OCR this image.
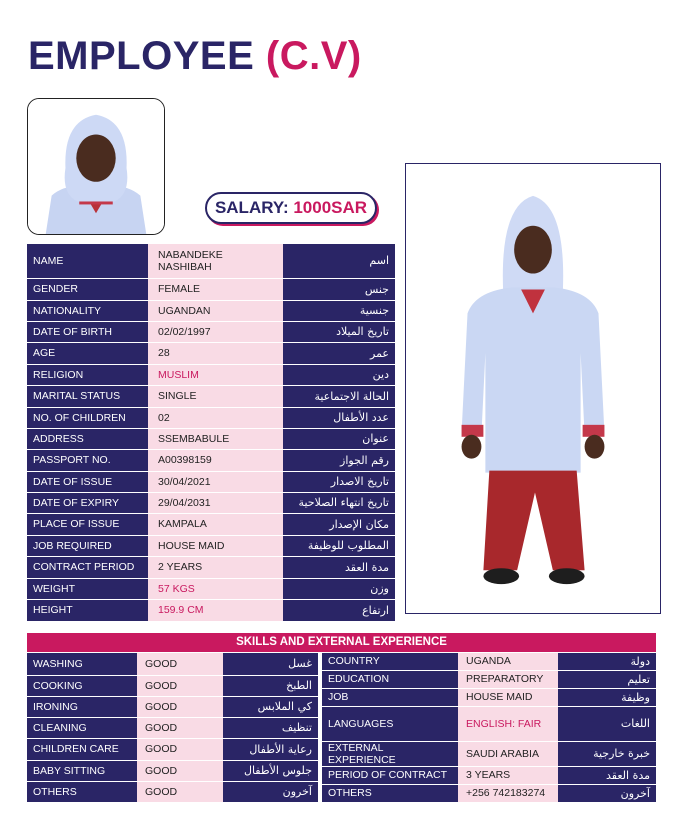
EMPLOYEE (C.V)
SALARY: 1000SAR
NAME	NABANDEKE NASHIBAH	اسم
GENDER	FEMALE	جنس
NATIONALITY	UGANDAN	جنسية
DATE OF BIRTH	02/02/1997	تاريخ الميلاد
AGE	28	عمر
RELIGION	MUSLIM	دين
MARITAL STATUS	SINGLE	الحالة الاجتماعية
NO. OF CHILDREN	02	عدد الأطفال
ADDRESS	SSEMBABULE	عنوان
PASSPORT NO.	A00398159	رقم الجواز
DATE OF ISSUE	30/04/2021	تاريخ الاصدار
DATE OF EXPIRY	29/04/2031	تاريخ انتهاء الصلاحية
PLACE OF ISSUE	KAMPALA	مكان الإصدار
JOB REQUIRED	HOUSE MAID	المطلوب للوظيفة
CONTRACT PERIOD	2 YEARS	مدة العقد
WEIGHT	57 KGS	وزن
HEIGHT	159.9 CM	ارتفاع
SKILLS AND EXTERNAL EXPERIENCE
WASHING	GOOD	غسل
COOKING	GOOD	الطبخ
IRONING	GOOD	كي الملابس
CLEANING	GOOD	تنظيف
CHILDREN CARE	GOOD	رعاية الأطفال
BABY SITTING	GOOD	جلوس الأطفال
OTHERS	GOOD	آخرون
COUNTRY	UGANDA	دولة
EDUCATION	PREPARATORY	تعليم
JOB	HOUSE MAID	وظيفة
LANGUAGES	ENGLISH: FAIR	اللغات
EXTERNAL EXPERIENCE	SAUDI ARABIA	خبرة خارجية
PERIOD OF CONTRACT	3 YEARS	مدة العقد
OTHERS	+256 742183274	آخرون
